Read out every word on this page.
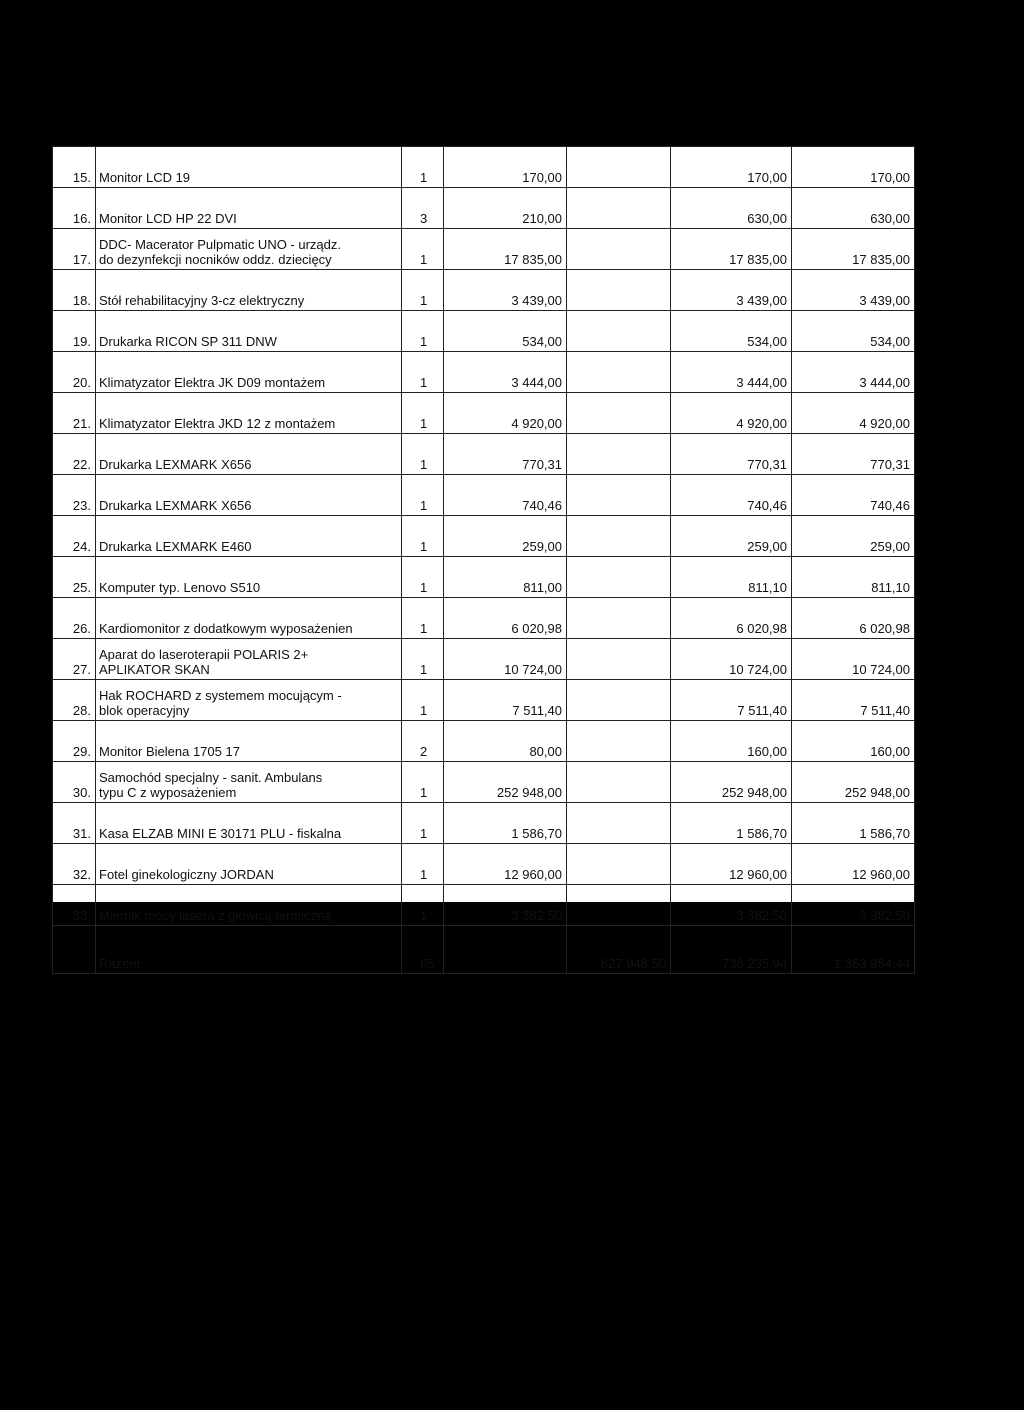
15.	Monitor LCD 19	1	170,00		170,00	170,00
16.	Monitor LCD HP 22 DVI	3	210,00		630,00	630,00
17.	DDC- Macerator Pulpmatic UNO - urządz.
do dezynfekcji nocników oddz. dziecięcy	1	17 835,00		17 835,00	17 835,00
18.	Stół rehabilitacyjny 3-cz elektryczny	1	3 439,00		3 439,00	3 439,00
19.	Drukarka RICON SP 311 DNW	1	534,00		534,00	534,00
20.	Klimatyzator Elektra JK D09 montażem	1	3 444,00		3 444,00	3 444,00
21.	Klimatyzator Elektra JKD 12 z montażem	1	4 920,00		4 920,00	4 920,00
22.	Drukarka LEXMARK X656	1	770,31		770,31	770,31
23.	Drukarka LEXMARK X656	1	740,46		740,46	740,46
24.	Drukarka LEXMARK E460	1	259,00		259,00	259,00
25.	Komputer typ. Lenovo S510	1	811,00		811,10	811,10
26.	Kardiomonitor z dodatkowym wyposażenien	1	6 020,98		6 020,98	6 020,98
27.	Aparat do laseroterapii POLARIS 2+
APLIKATOR SKAN	1	10 724,00		10 724,00	10 724,00
28.	Hak ROCHARD z systemem mocującym -
blok operacyjny	1	7 511,40		7 511,40	7 511,40
29.	Monitor Bielena 1705 17	2	80,00		160,00	160,00
30.	Samochód specjalny - sanit. Ambulans
typu C z wyposażeniem	1	252 948,00		252 948,00	252 948,00
31.	Kasa ELZAB MINI E 30171 PLU - fiskalna	1	1 586,70		1 586,70	1 586,70
32.	Fotel ginekologiczny JORDAN	1	12 960,00		12 960,00	12 960,00
33.	Miernik mocy lasera z głowicą termiczną	1	3 382,50		3 382,50	3 382,50
	Razem:	65		627 948,50	736 235,94	1 363 984,44
